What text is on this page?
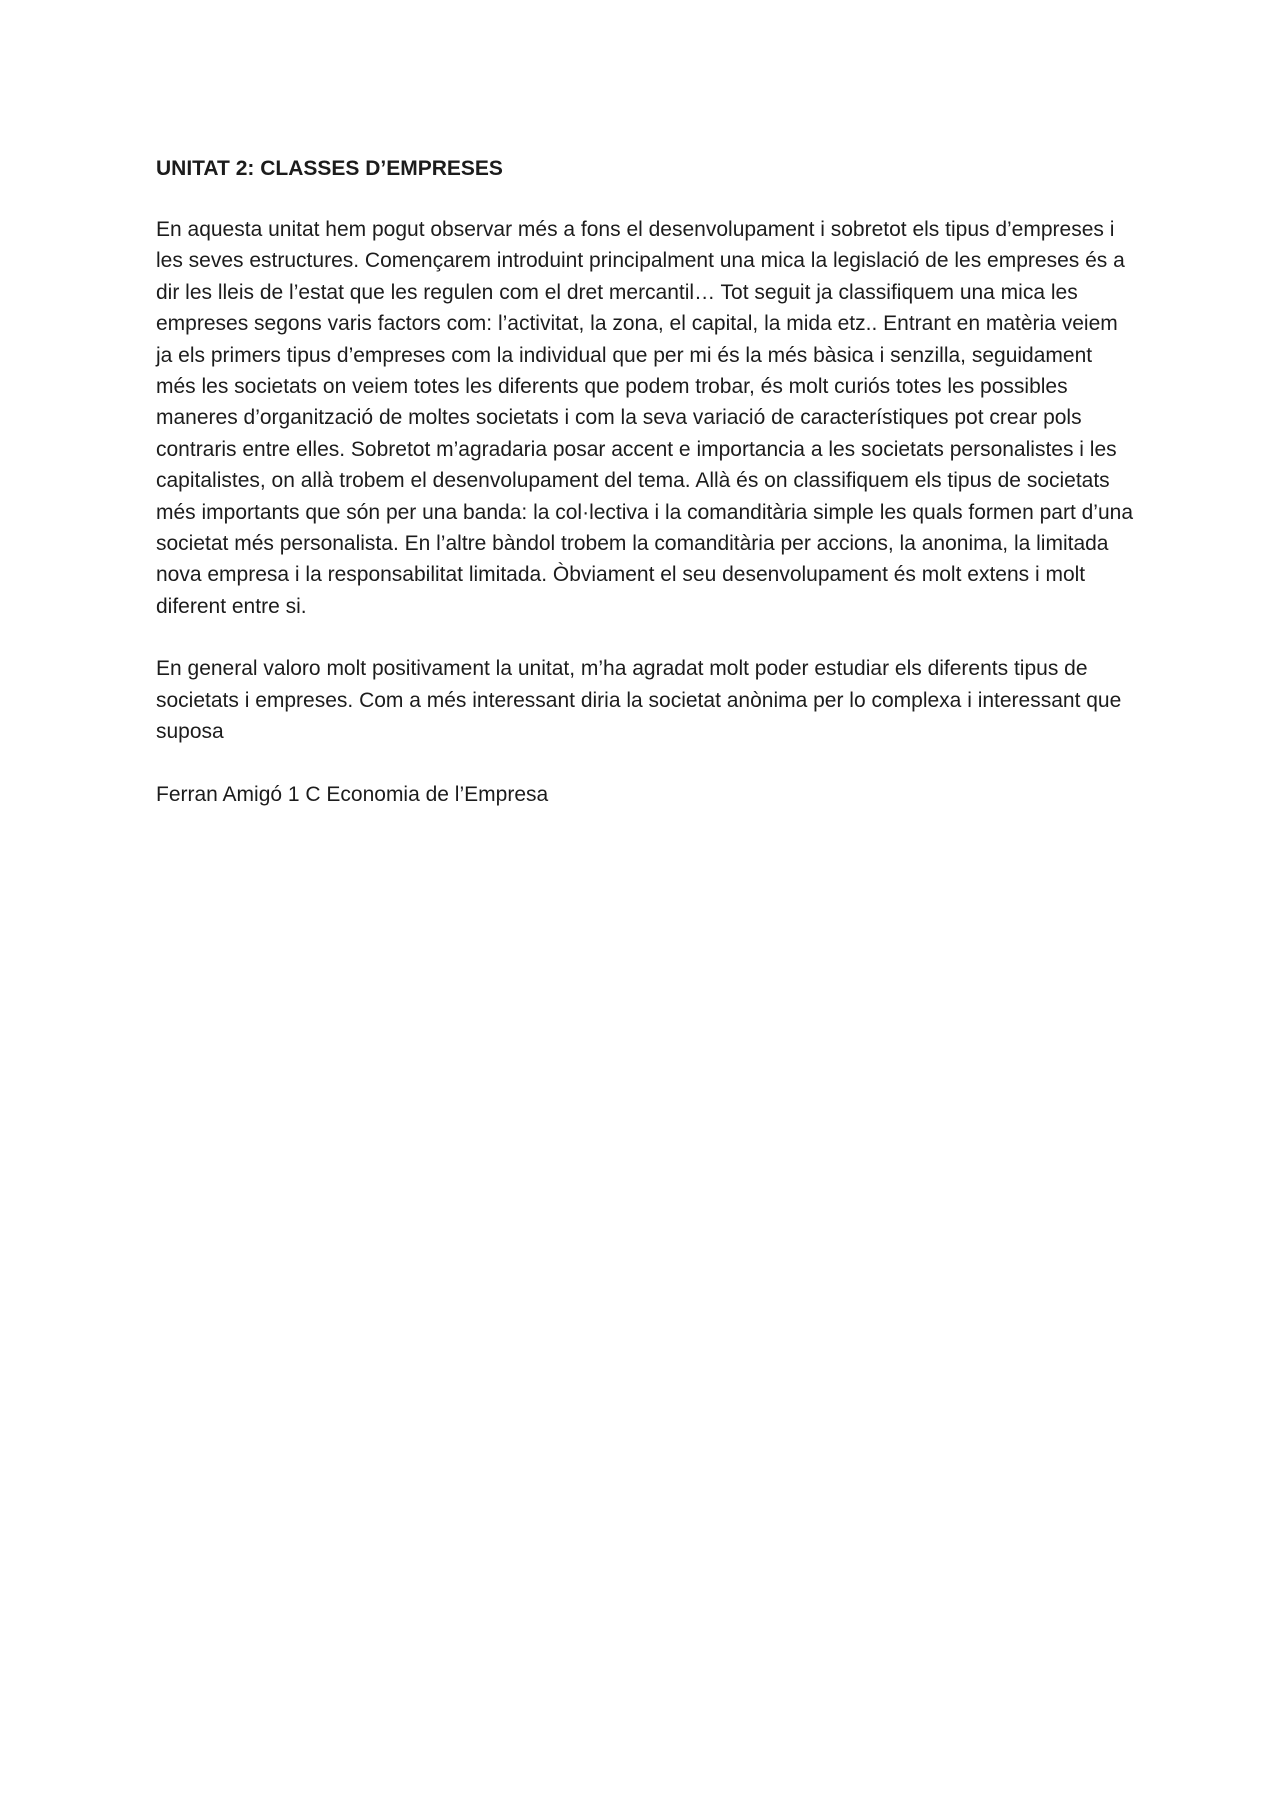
UNITAT 2: CLASSES D’EMPRESES

En aquesta unitat hem pogut observar més a fons el desenvolupament i sobretot els tipus d’empreses i les seves estructures. Començarem introduint principalment una mica la legislació de les empreses és a dir les lleis de l’estat que les regulen com el dret mercantil… Tot seguit ja classifiquem una mica les empreses segons varis factors com: l’activitat, la zona, el capital, la mida etz.. Entrant en matèria veiem ja els primers tipus d’empreses com la individual que per mi és la més bàsica i senzilla, seguidament més les societats on veiem totes les diferents que podem trobar, és molt curiós totes les possibles maneres d’organització de moltes societats i com la seva variació de característiques pot crear pols contraris entre elles. Sobretot m’agradaria posar accent e importancia a les societats personalistes i les capitalistes, on allà trobem el desenvolupament del tema. Allà és on classifiquem els tipus de societats més importants que són per una banda: la col·lectiva i la comanditària simple les quals formen part d’una societat més personalista. En l’altre bàndol trobem la comanditària per accions, la anonima, la limitada nova empresa i la responsabilitat limitada. Òbviament el seu desenvolupament és molt extens i molt diferent entre si.

En general valoro molt positivament la unitat, m’ha agradat molt poder estudiar els diferents tipus de societats i empreses. Com a més interessant diria la societat anònima per lo complexa i interessant que suposa

Ferran Amigó 1 C Economia de l’Empresa
